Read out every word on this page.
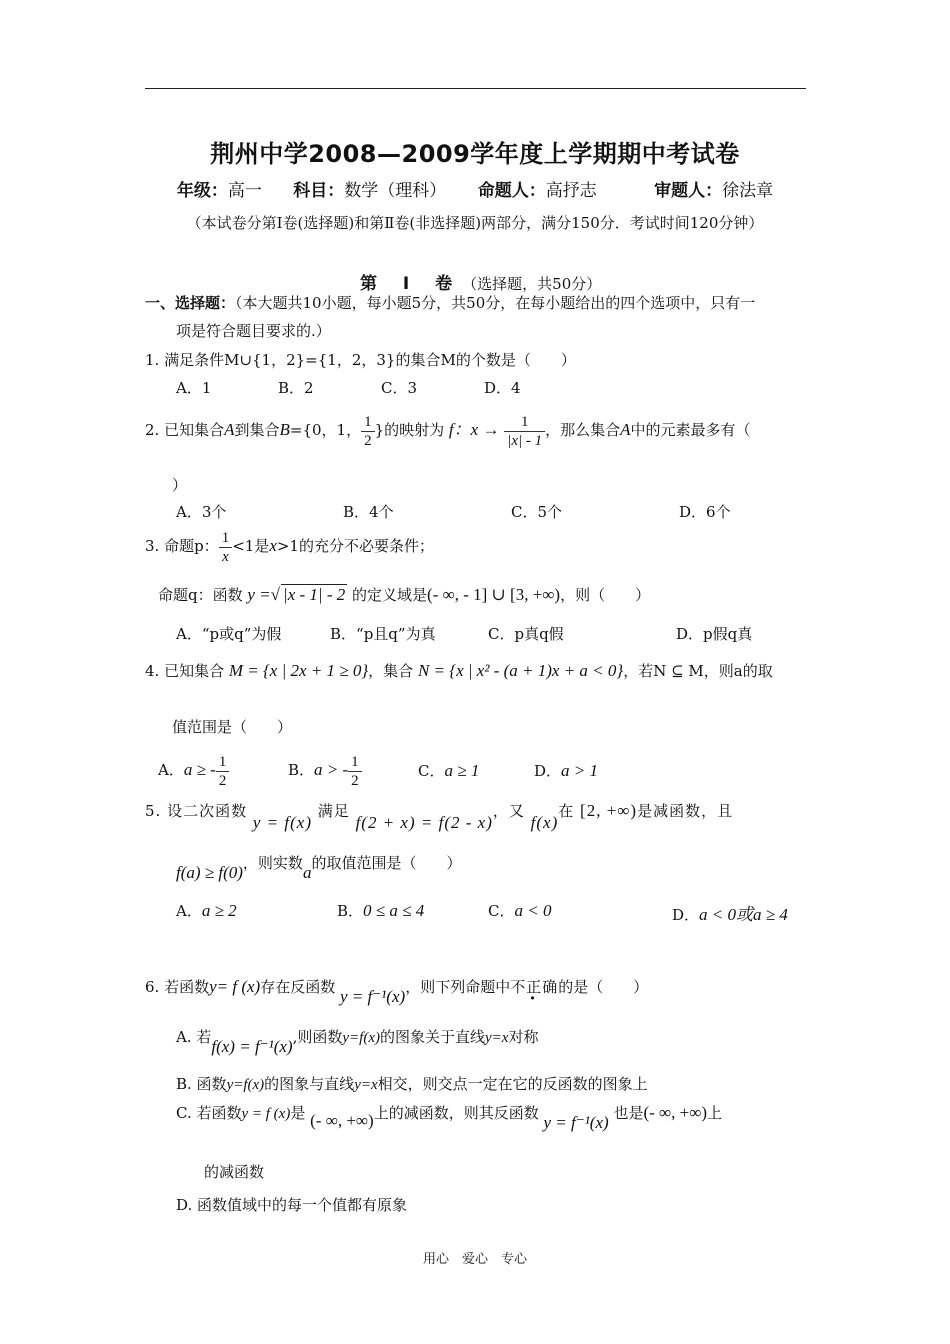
荆州中学2008—2009学年度上学期期中考试卷
年级：高一 科目：数学（理科） 命题人：高抒志	审题人：徐法章
（本试卷分第Ⅰ卷(选择题)和第Ⅱ卷(非选择题)两部分，满分150分．考试时间120分钟）
第 Ⅰ 卷（选择题，共50分）
一、选择题：（本大题共10小题，每小题5分，共50分，在每小题给出的四个选项中，只有一
项是符合题目要求的.）
1. 满足条件M∪{1，2}={1，2，3}的集合M的个数是（　　）
A．1	B．2	C．3	D．4
2. 已知集合A到集合B={0，1， $\frac{1}{2}$ }的映射为 f：$x \to \frac{1}{|x| - 1}$ ，那么集合A中的元素最多有（
）
A．3个	B．4个	C．5个	D．6个
3. 命题p： $\frac{1}{x} <1$是x>1的充分不必要条件；
命题q：函数 y =√ |x - 1| - 2 的定义域是(- ∞, - 1] ∪ [3, +∞)，则（　　）
A．“p或q”为假	B．“p且q”为真	C．p真q假	D．p假q真
4. 已知集合 M = {x | 2x + 1 ≥ 0}，集合 N = {x | x² - (a + 1)x + a < 0}，若N ⊆ M，则a的取
值范围是（　　）
A．a ≥ - $\frac{1}{2}$	B．a > - $\frac{1}{2}$	C．a ≥ 1	D．a > 1
5. 设二次函数 y = f(x) 满足 f(2 + x) = f(2 - x)，又 f(x)在 [2, +∞)是减函数，且
f(a) ≥ f(0)，则实数a的取值范围是（　　）
A．a ≥ 2	B．0 ≤ a ≤ 4	C．a < 0	D．a < 0或a ≥ 4
6. 若函数y= f (x)存在反函数 y = f⁻¹(x)，则下列命题中不正确的是（　　）
A. 若f(x) = f⁻¹(x),则函数y=f(x)的图象关于直线y=x对称
B. 函数y=f(x)的图象与直线y=x相交，则交点一定在它的反函数的图象上
C. 若函数y = f (x)是 (- ∞, +∞)上的减函数，则其反函数 y = f⁻¹(x) 也是(- ∞, +∞)上
的减函数
D. 函数值域中的每一个值都有原象
用心　爱心　专心
